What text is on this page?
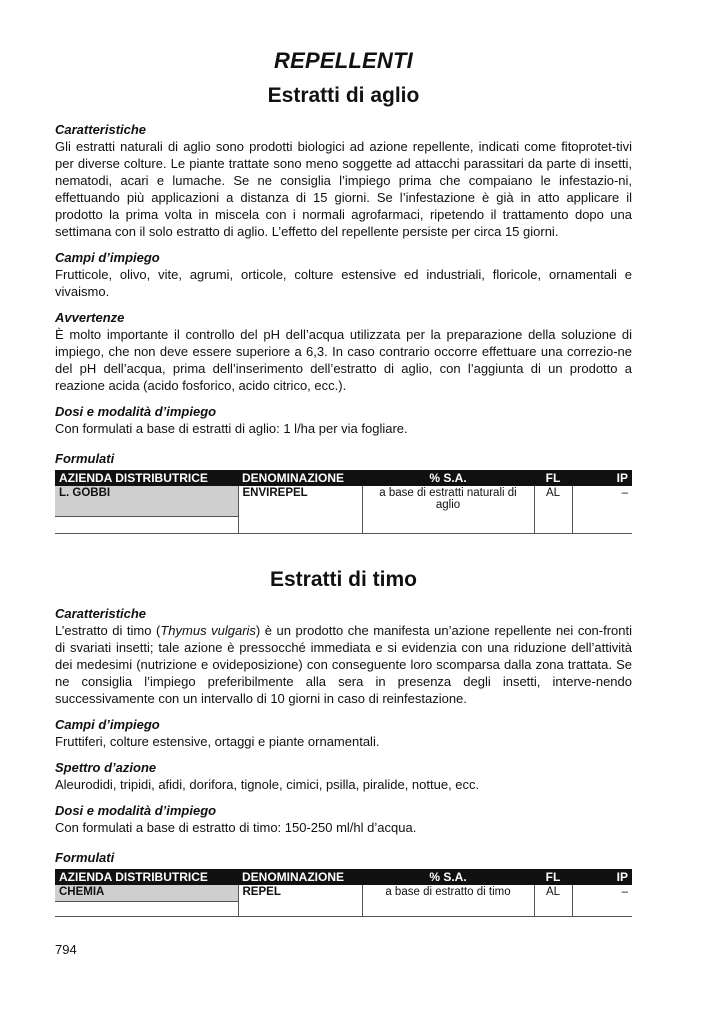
REPELLENTI
Estratti di aglio

Caratteristiche

Gli estratti naturali di aglio sono prodotti biologici ad azione repellente, indicati come fitoprotet-tivi per diverse colture. Le piante trattate sono meno soggette ad attacchi parassitari da parte di insetti, nematodi, acari e lumache. Se ne consiglia l’impiego prima che compaiano le infestazio-ni, effettuando più applicazioni a distanza di 15 giorni. Se l’infestazione è già in atto applicare il prodotto la prima volta in miscela con i normali agrofarmaci, ripetendo il trattamento dopo una settimana con il solo estratto di aglio. L’effetto del repellente persiste per circa 15 giorni.

Campi d’impiego

Frutticole, olivo, vite, agrumi, orticole, colture estensive ed industriali, floricole, ornamentali e vivaismo.

Avvertenze

È molto importante il controllo del pH dell’acqua utilizzata per la preparazione della soluzione di impiego, che non deve essere superiore a 6,3. In caso contrario occorre effettuare una correzio-ne del pH dell’acqua, prima dell’inserimento dell’estratto di aglio, con l’aggiunta di un prodotto a reazione acida (acido fosforico, acido citrico, ecc.).

Dosi e modalità d’impiego

Con formulati a base di estratti di aglio: 1 l/ha per via fogliare.

Formulati

AZIENDA DISTRIBUTRICE	DENOMINAZIONE	% S.A.	FL	IP
L. GOBBI	ENVIREPEL	a base di estratti naturali di aglio	AL	–

Estratti di timo

Caratteristiche

L’estratto di timo (Thymus vulgaris) è un prodotto che manifesta un’azione repellente nei con-fronti di svariati insetti; tale azione è pressocché immediata e si evidenzia con una riduzione dell’attività dei medesimi (nutrizione e ovideposizione) con conseguente loro scomparsa dalla zona trattata. Se ne consiglia l’impiego preferibilmente alla sera in presenza degli insetti, interve-nendo successivamente con un intervallo di 10 giorni in caso di reinfestazione.

Campi d’impiego

Fruttiferi, colture estensive, ortaggi e piante ornamentali.

Spettro d’azione

Aleurodidi, tripidi, afidi, dorifora, tignole, cimici, psilla, piralide, nottue, ecc.

Dosi e modalità d’impiego

Con formulati a base di estratto di timo: 150-250 ml/hl d’acqua.

Formulati

AZIENDA DISTRIBUTRICE	DENOMINAZIONE	% S.A.	FL	IP
CHEMIA	REPEL	a base di estratto di timo	AL	–

794
